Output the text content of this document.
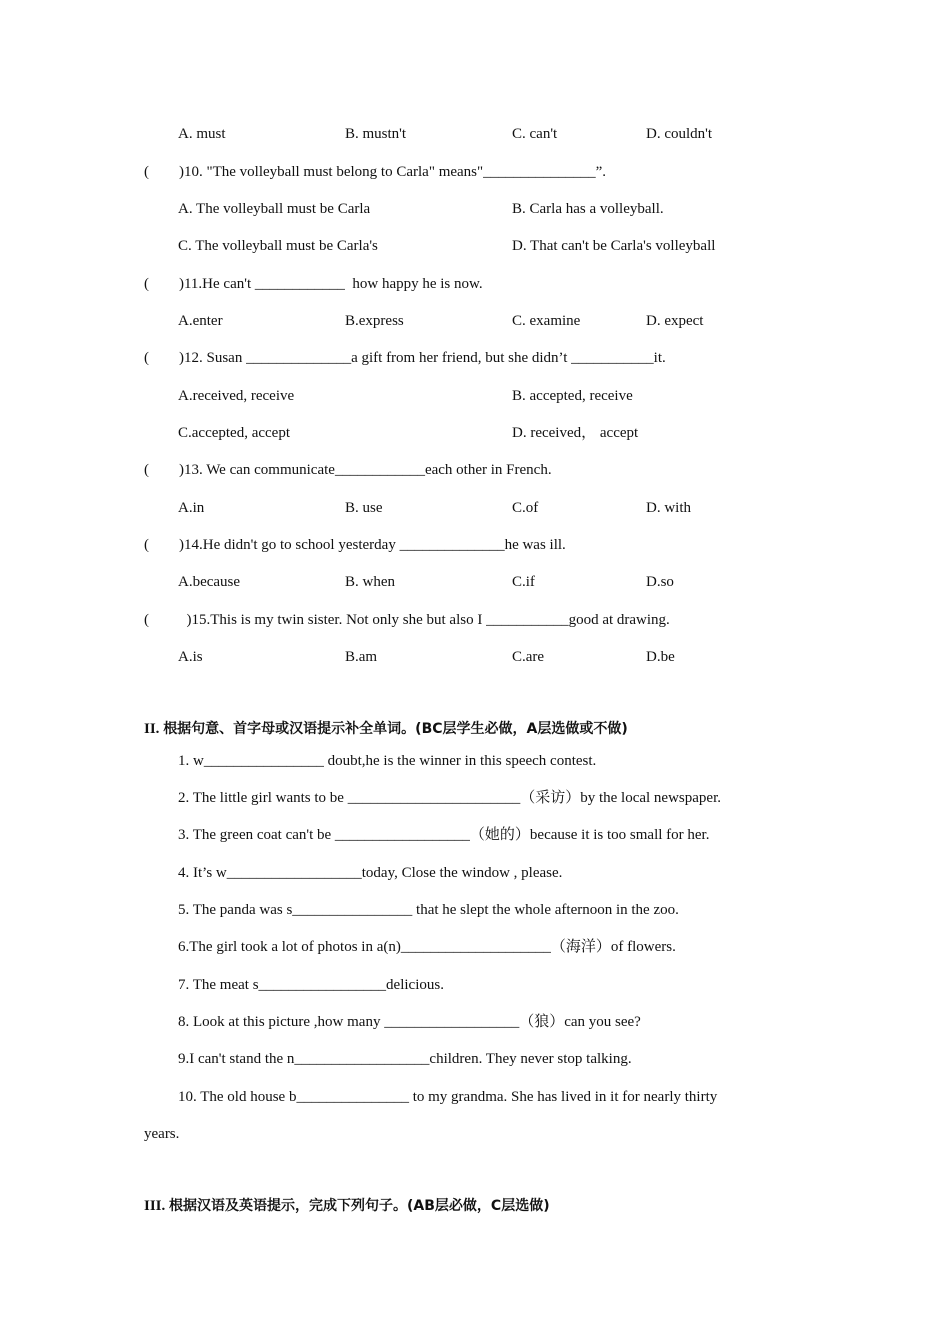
A. must	B. mustn't	C. can't	D. couldn't
(        )10. "The volleyball must belong to Carla" means"_______________”.
A. The volleyball must be Carla	B. Carla has a volleyball.
C. The volleyball must be Carla's	D. That can't be Carla's volleyball
(        )11.He can't ____________  how happy he is now.
A.enter	B.express	C. examine	D. expect
(        )12. Susan ______________a gift from her friend, but she didn’t ___________it.
A.received, receive	B. accepted, receive
C.accepted, accept	D. received， accept
(        )13. We can communicate____________each other in French.
A.in	B. use	C.of	D. with
(        )14.He didn't go to school yesterday ______________he was ill.
A.because	B. when	C.if	D.so
(          )15.This is my twin sister. Not only she but also I ___________good at drawing.
A.is	B.am	C.are	D.be
II. 根据句意、首字母或汉语提示补全单词。(BC层学生必做，A层选做或不做)
1. w________________ doubt,he is the winner in this speech contest.
2. The little girl wants to be _______________________（采访）by the local newspaper.
3. The green coat can't be __________________（她的）because it is too small for her.
4. It’s w__________________today, Close the window , please.
5. The panda was s________________ that he slept the whole afternoon in the zoo.
6.The girl took a lot of photos in a(n)____________________（海洋）of flowers.
7. The meat s_________________delicious.
8. Look at this picture ,how many __________________（狼）can you see?
9.I can't stand the n__________________children. They never stop talking.
10. The old house b_______________ to my grandma. She has lived in it for nearly thirty
years.
III. 根据汉语及英语提示，完成下列句子。(AB层必做，C层选做)
